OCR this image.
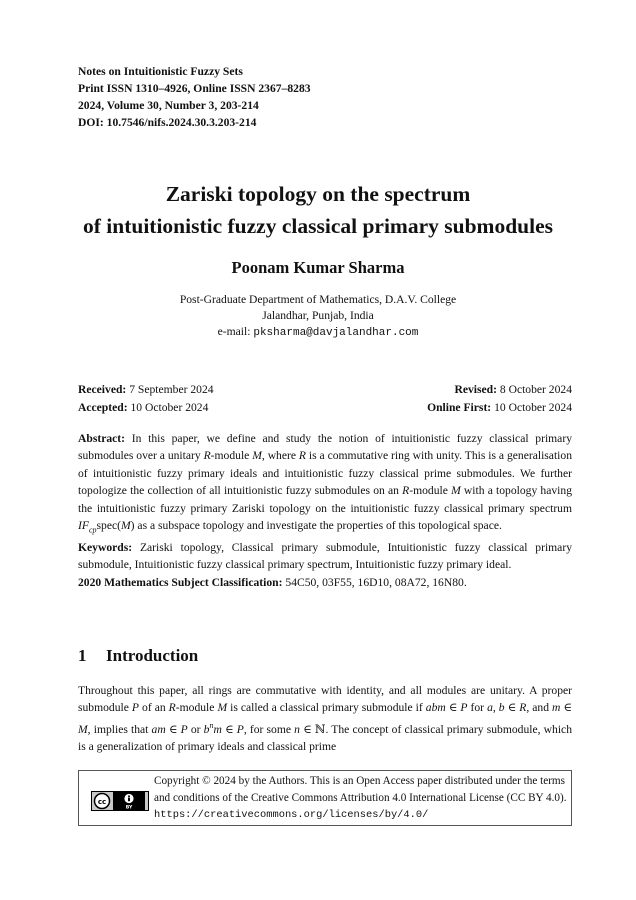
Notes on Intuitionistic Fuzzy Sets
Print ISSN 1310–4926, Online ISSN 2367–8283
2024, Volume 30, Number 3, 203-214
DOI: 10.7546/nifs.2024.30.3.203-214
Zariski topology on the spectrum
of intuitionistic fuzzy classical primary submodules
Poonam Kumar Sharma
Post-Graduate Department of Mathematics, D.A.V. College
Jalandhar, Punjab, India
e-mail: pksharma@davjalandhar.com
Received: 7 September 2024	Revised: 8 October 2024
Accepted: 10 October 2024	Online First: 10 October 2024

Abstract: In this paper, we define and study the notion of intuitionistic fuzzy classical primary submodules over a unitary R-module M, where R is a commutative ring with unity. This is a generalisation of intuitionistic fuzzy primary ideals and intuitionistic fuzzy classical prime submodules. We further topologize the collection of all intuitionistic fuzzy submodules on an R-module M with a topology having the intuitionistic fuzzy primary Zariski topology on the intuitionistic fuzzy classical primary spectrum $IF_{cp}spec(M)$ as a subspace topology and investigate the properties of this topological space.

Keywords: Zariski topology, Classical primary submodule, Intuitionistic fuzzy classical primary submodule, Intuitionistic fuzzy classical primary spectrum, Intuitionistic fuzzy primary ideal.

2020 Mathematics Subject Classification: 54C50, 03F55, 16D10, 08A72, 16N80.

1 Introduction

Throughout this paper, all rings are commutative with identity, and all modules are unitary. A proper submodule P of an R-module M is called a classical primary submodule if abm ∈ P for a, b ∈ R, and m ∈ M, implies that am ∈ P or $b^nm$ ∈ P, for some n ∈ ℕ. The concept of classical primary submodule, which is a generalization of primary ideals and classical prime

cc
BY

Copyright © 2024 by the Authors. This is an Open Access paper distributed under the terms and conditions of the Creative Commons Attribution 4.0 International License (CC BY 4.0). https://creativecommons.org/licenses/by/4.0/
